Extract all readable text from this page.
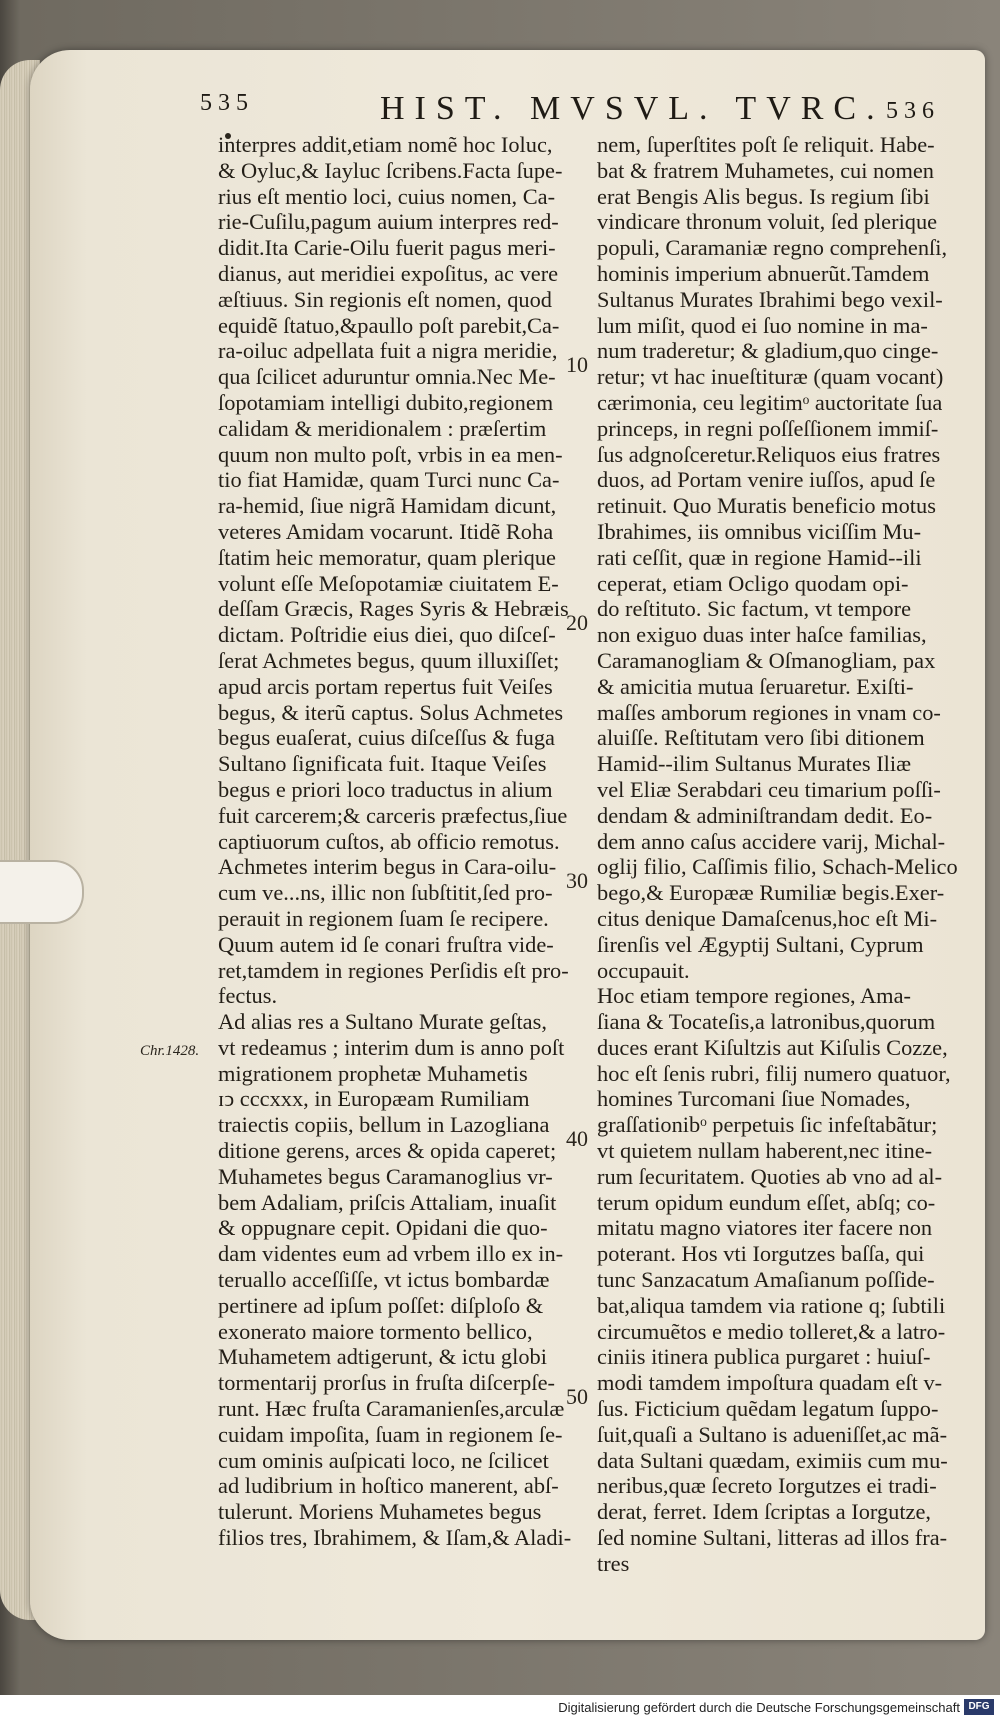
535	HIST. MVSVL. TVRC. 536
Chr.1428.
10
20
30
40
50
interpres addit,etiam nomẽ hoc Ioluc,
& Oyluc,& Iayluc ſcribens.Facta ſupe-
rius eſt mentio loci, cuius nomen, Ca-
rie-Cuſilu,pagum auium interpres red-
didit.Ita Carie-Oilu fuerit pagus meri-
dianus, aut meridiei expoſitus, ac vere
æſtiuus. Sin regionis eſt nomen, quod
equidẽ ſtatuo,&paullo poſt parebit,Ca-
ra-oiluc adpellata fuit a nigra meridie,
qua ſcilicet aduruntur omnia.Nec Me-
ſopotamiam intelligi dubito,regionem
calidam & meridionalem : præſertim
quum non multo poſt, vrbis in ea men-
tio fiat Hamidæ, quam Turci nunc Ca-
ra-hemid, ſiue nigrã Hamidam dicunt,
veteres Amidam vocarunt. Itidẽ Roha
ſtatim heic memoratur, quam plerique
volunt eſſe Meſopotamiæ ciuitatem E-
deſſam Græcis, Rages Syris & Hebræis
dictam. Poſtridie eius diei, quo diſceſ-
ſerat Achmetes begus, quum illuxiſſet;
apud arcis portam repertus fuit Veiſes
begus, & iterũ captus. Solus Achmetes
begus euaſerat, cuius diſceſſus & fuga
Sultano ſignificata fuit. Itaque Veiſes
begus e priori loco traductus in alium
fuit carcerem;& carceris præfectus,ſiue
captiuorum cuſtos, ab officio remotus.
Achmetes interim begus in Cara-oilu-
cum ve...ns, illic non ſubſtitit,ſed pro-
perauit in regionem ſuam ſe recipere.
Quum autem id ſe conari fruſtra vide-
ret,tamdem in regiones Perſidis eſt pro-
fectus.
Ad alias res a Sultano Murate geſtas,
vt redeamus ; interim dum is anno poſt
migrationem prophetæ Muhametis
ɪↄ cccxxx, in Europæam Rumiliam
traiectis copiis, bellum in Lazogliana
ditione gerens, arces & opida caperet;
Muhametes begus Caramanoglius vr-
bem Adaliam, priſcis Attaliam, inuaſit
& oppugnare cepit. Opidani die quo-
dam videntes eum ad vrbem illo ex in-
teruallo acceſſiſſe, vt ictus bombardæ
pertinere ad ipſum poſſet: diſploſo &
exonerato maiore tormento bellico,
Muhametem adtigerunt, & ictu globi
tormentarij prorſus in fruſta diſcerpſe-
runt. Hæc fruſta Caramanienſes,arculæ
cuidam impoſita, ſuam in regionem ſe-
cum ominis auſpicati loco, ne ſcilicet
ad ludibrium in hoſtico manerent, abſ-
tulerunt. Moriens Muhametes begus
filios tres, Ibrahimem, & Iſam,& Aladi-
nem, ſuperſtites poſt ſe reliquit. Habe-
bat & fratrem Muhametes, cui nomen
erat Bengis Alis begus. Is regium ſibi
vindicare thronum voluit, ſed plerique
populi, Caramaniæ regno comprehenſi,
hominis imperium abnuerũt.Tamdem
Sultanus Murates Ibrahimi bego vexil-
lum miſit, quod ei ſuo nomine in ma-
num traderetur; & gladium,quo cinge-
retur; vt hac inueſtituræ (quam vocant)
cærimonia, ceu legitimᵒ auctoritate ſua
princeps, in regni poſſeſſionem immiſ-
ſus adgnoſceretur.Reliquos eius fratres
duos, ad Portam venire iuſſos, apud ſe
retinuit. Quo Muratis beneficio motus
Ibrahimes, iis omnibus viciſſim Mu-
rati ceſſit, quæ in regione Hamid--ili
ceperat, etiam Ocligo quodam opi-
do reſtituto. Sic factum, vt tempore
non exiguo duas inter haſce familias,
Caramanogliam & Oſmanogliam, pax
& amicitia mutua ſeruaretur. Exiſti-
maſſes amborum regiones in vnam co-
aluiſſe. Reſtitutam vero ſibi ditionem
Hamid--ilim Sultanus Murates Iliæ
vel Eliæ Serabdari ceu timarium poſſi-
dendam & adminiſtrandam dedit. Eo-
dem anno caſus accidere varij, Michal-
oglij filio, Caſſimis filio, Schach-Melico
bego,& Europææ Rumiliæ begis.Exer-
citus denique Damaſcenus,hoc eſt Mi-
ſirenſis vel Ægyptij Sultani, Cyprum
occupauit.
Hoc etiam tempore regiones, Ama-
ſiana & Tocateſis,a latronibus,quorum
duces erant Kiſultzis aut Kiſulis Cozze,
hoc eſt ſenis rubri, filij numero quatuor,
homines Turcomani ſiue Nomades,
graſſationibᵒ perpetuis ſic infeſtabãtur;
vt quietem nullam haberent,nec itine-
rum ſecuritatem. Quoties ab vno ad al-
terum opidum eundum eſſet, abſq; co-
mitatu magno viatores iter facere non
poterant. Hos vti Iorgutzes baſſa, qui
tunc Sanzacatum Amaſianum poſſide-
bat,aliqua tamdem via ratione q; ſubtili
circumuẽtos e medio tolleret,& a latro-
ciniis itinera publica purgaret : huiuſ-
modi tamdem impoſtura quadam eſt v-
ſus. Ficticium quẽdam legatum ſuppo-
ſuit,quaſi a Sultano is adueniſſet,ac mã-
data Sultani quædam, eximiis cum mu-
neribus,quæ ſecreto Iorgutzes ei tradi-
derat, ferret. Idem ſcriptas a Iorgutze,
ſed nomine Sultani, litteras ad illos fra-
tres
Digitalisierung gefördert durch die Deutsche Forschungsgemeinschaft DFG
